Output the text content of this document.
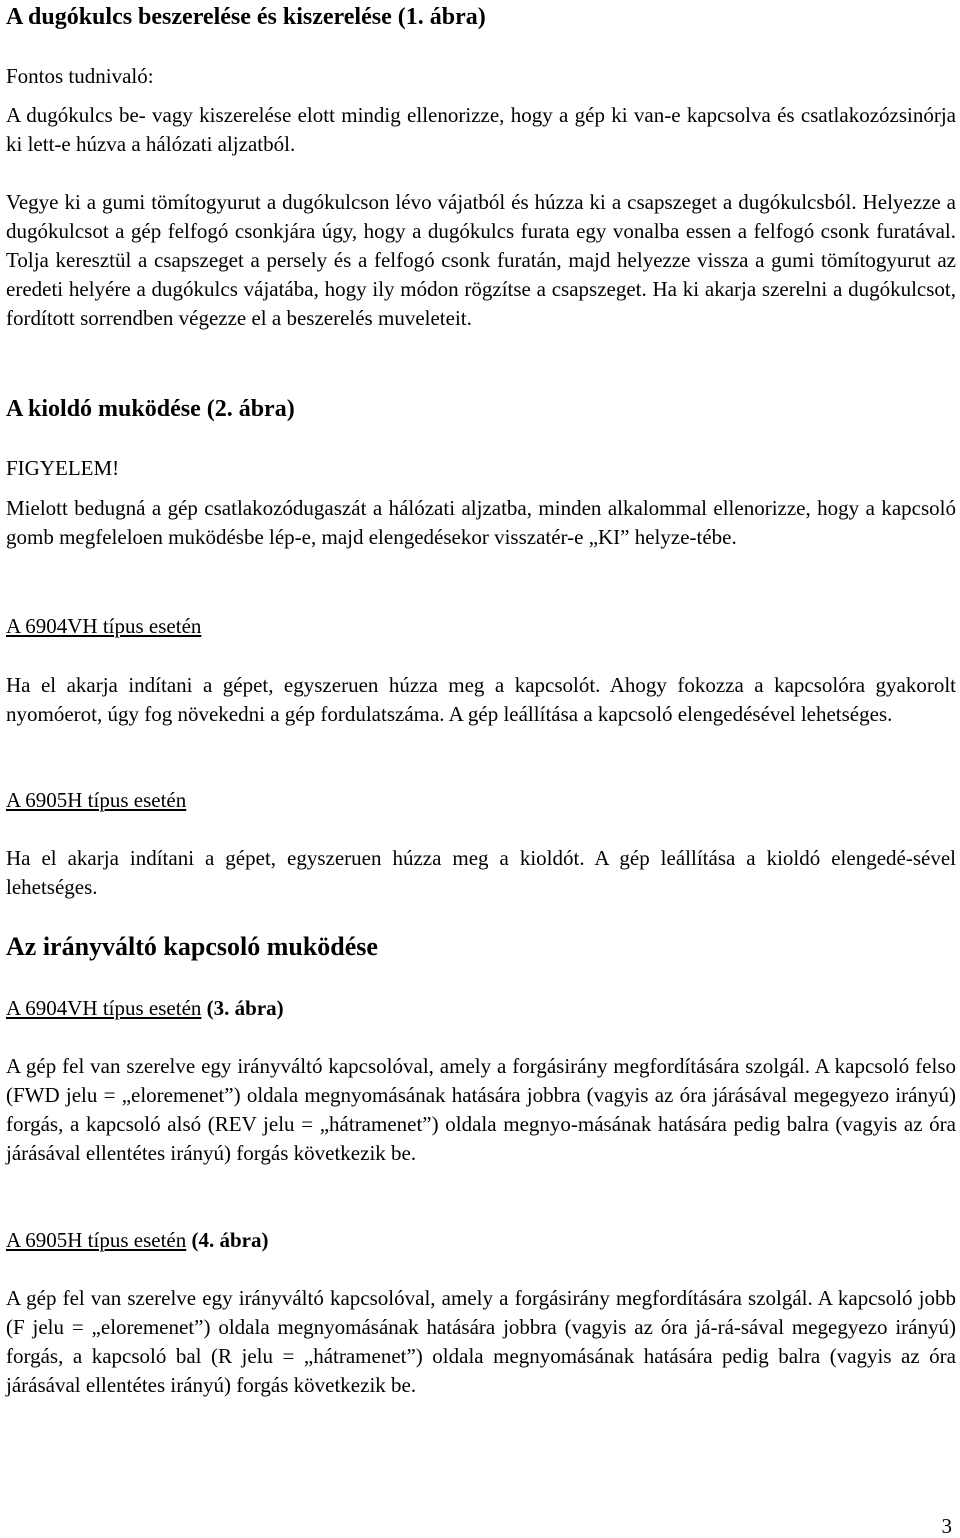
A dugókulcs beszerelése és kiszerelése (1. ábra)
Fontos tudnivaló:
A dugókulcs be- vagy kiszerelése elott mindig ellenorizze, hogy a gép ki van-e kapcsolva és csatlakozózsinórja ki lett-e húzva a hálózati aljzatból.
Vegye ki a gumi tömítogyurut a dugókulcson lévo vájatból és húzza ki a csapszeget a dugókulcsból. Helyezze a dugókulcsot a gép felfogó csonkjára úgy, hogy a dugókulcs furata egy vonalba essen a felfogó csonk furatával. Tolja keresztül a csapszeget a persely és a felfogó csonk furatán, majd helyezze vissza a gumi tömítogyurut az eredeti helyére a dugókulcs vájatába, hogy ily módon rögzítse a csapszeget. Ha ki akarja szerelni a dugókulcsot, fordított sorrendben végezze el a beszerelés muveleteit.
A kioldó muködése (2. ábra)
FIGYELEM!
Mielott bedugná a gép csatlakozódugaszát a hálózati aljzatba, minden alkalommal ellenorizze, hogy a kapcsoló gomb megfeleloen muködésbe lép-e, majd elengedésekor visszatér-e „KI” helyze-tébe.
A 6904VH típus esetén
Ha el akarja indítani a gépet, egyszeruen húzza meg a kapcsolót. Ahogy fokozza a kapcsolóra gyakorolt nyomóerot, úgy fog növekedni a gép fordulatszáma. A gép leállítása a kapcsoló elengedésével lehetséges.
A 6905H típus esetén
Ha el akarja indítani a gépet, egyszeruen húzza meg a kioldót. A gép leállítása a kioldó elengedé-sével lehetséges.
Az irányváltó kapcsoló muködése
A 6904VH típus esetén (3. ábra)
A gép fel van szerelve egy irányváltó kapcsolóval, amely a forgásirány megfordítására szolgál. A kapcsoló felso (FWD jelu = „eloremenet”) oldala megnyomásának hatására jobbra (vagyis az óra járásával megegyezo irányú) forgás, a kapcsoló alsó (REV jelu = „hátramenet”) oldala megnyo-másának hatására pedig balra (vagyis az óra járásával ellentétes irányú) forgás következik be.
A 6905H típus esetén (4. ábra)
A gép fel van szerelve egy irányváltó kapcsolóval, amely a forgásirány megfordítására szolgál. A kapcsoló jobb (F jelu = „eloremenet”) oldala megnyomásának hatására jobbra (vagyis az óra já-rá-sával megegyezo irányú) forgás, a kapcsoló bal (R jelu = „hátramenet”) oldala megnyomásának hatására pedig balra (vagyis az óra járásával ellentétes irányú) forgás következik be.
3
